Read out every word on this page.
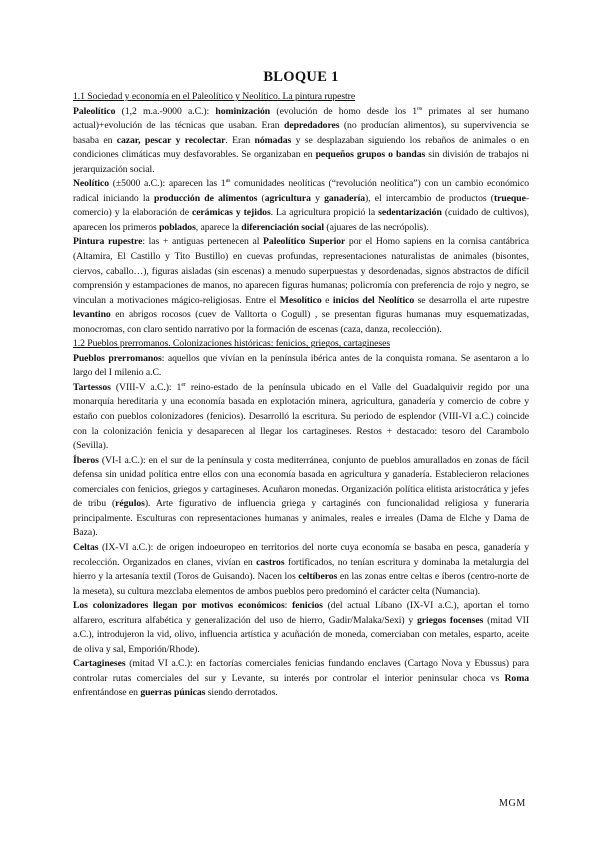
BLOQUE 1

1.1 Sociedad y economía en el Paleolítico y Neolítico. La pintura rupestre

Paleolítico (1,2 m.a.-9000 a.C.): hominización (evolución de homo desde los $1^{os}$ primates al ser humano actual)+evolución de las técnicas que usaban. Eran depredadores (no producían alimentos), su supervivencia se basaba en cazar, pescar y recolectar. Eran nómadas y se desplazaban siguiendo los rebaños de animales o en condiciones climáticas muy desfavorables. Se organizaban en pequeños grupos o bandas sin división de trabajos ni jerarquización social.

Neolítico (±5000 a.C.): aparecen las $1^{as}$ comunidades neolíticas (“revolución neolítica”) con un cambio económico radical iniciando la producción de alimentos (agricultura y ganadería), el intercambio de productos (trueque-comercio) y la elaboración de cerámicas y tejidos. La agricultura propició la sedentarización (cuidado de cultivos), aparecen los primeros poblados, aparece la diferenciación social (ajuares de las necrópolis).

Pintura rupestre: las + antiguas pertenecen al Paleolítico Superior por el Homo sapiens en la cornisa cantábrica (Altamira, El Castillo y Tito Bustillo) en cuevas profundas, representaciones naturalistas de animales (bisontes, ciervos, caballo…), figuras aisladas (sin escenas) a menudo superpuestas y desordenadas, signos abstractos de difícil comprensión y estampaciones de manos, no aparecen figuras humanas; policromía con preferencia de rojo y negro, se vinculan a motivaciones mágico-religiosas. Entre el Mesolítico e inicios del Neolítico se desarrolla el arte rupestre levantino en abrigos rocosos (cuev de Valltorta o Cogull) , se presentan figuras humanas muy esquematizadas, monocromas, con claro sentido narrativo por la formación de escenas (caza, danza, recolección).

1.2 Pueblos prerromanos. Colonizaciones históricas: fenicios, griegos, cartagineses

Pueblos prerromanos: aquellos que vivían en la península ibérica antes de la conquista romana. Se asentaron a lo largo del I milenio a.C.

Tartessos (VIII-V a.C.): 1er reino-estado de la península ubicado en el Valle del Guadalquivir regido por una monarquía hereditaria y una economía basada en explotación minera, agricultura, ganadería y comercio de cobre y estaño con pueblos colonizadores (fenicios). Desarrolló la escritura. Su periodo de esplendor (VIII-VI a.C.) coincide con la colonización fenicia y desaparecen al llegar los cartagineses. Restos + destacado: tesoro del Carambolo (Sevilla).

Íberos (VI-I a.C.): en el sur de la península y costa mediterránea, conjunto de pueblos amurallados en zonas de fácil defensa sin unidad política entre ellos con una economía basada en agricultura y ganadería. Establecieron relaciones comerciales con fenicios, griegos y cartagineses. Acuñaron monedas. Organización política elitista aristocrática y jefes de tribu (régulos). Arte figurativo de influencia griega y cartaginés con funcionalidad religiosa y funeraria principalmente. Esculturas con representaciones humanas y animales, reales e irreales (Dama de Elche y Dama de Baza).

Celtas (IX-VI a.C.): de origen indoeuropeo en territorios del norte cuya economía se basaba en pesca, ganadería y recolección. Organizados en clanes, vivían en castros fortificados, no tenían escritura y dominaba la metalurgia del hierro y la artesanía textil (Toros de Guisando). Nacen los celtíberos en las zonas entre celtas e íberos (centro-norte de la meseta), su cultura mezclaba elementos de ambos pueblos pero predominó el carácter celta (Numancia).

Los colonizadores llegan por motivos económicos: fenicios (del actual Líbano (IX-VI a.C.), aportan el torno alfarero, escritura alfabética y generalización del uso de hierro, Gadir/Malaka/Sexi) y griegos focenses (mitad VII a.C.), introdujeron la vid, olivo, influencia artística y acuñación de moneda, comerciaban con metales, esparto, aceite de oliva y sal, Emporión/Rhode).

Cartagineses (mitad VI a.C.): en factorías comerciales fenicias fundando enclaves (Cartago Nova y Ebussus) para controlar rutas comerciales del sur y Levante, su interés por controlar el interior peninsular choca vs Roma enfrentándose en guerras púnicas siendo derrotados.

MGM
